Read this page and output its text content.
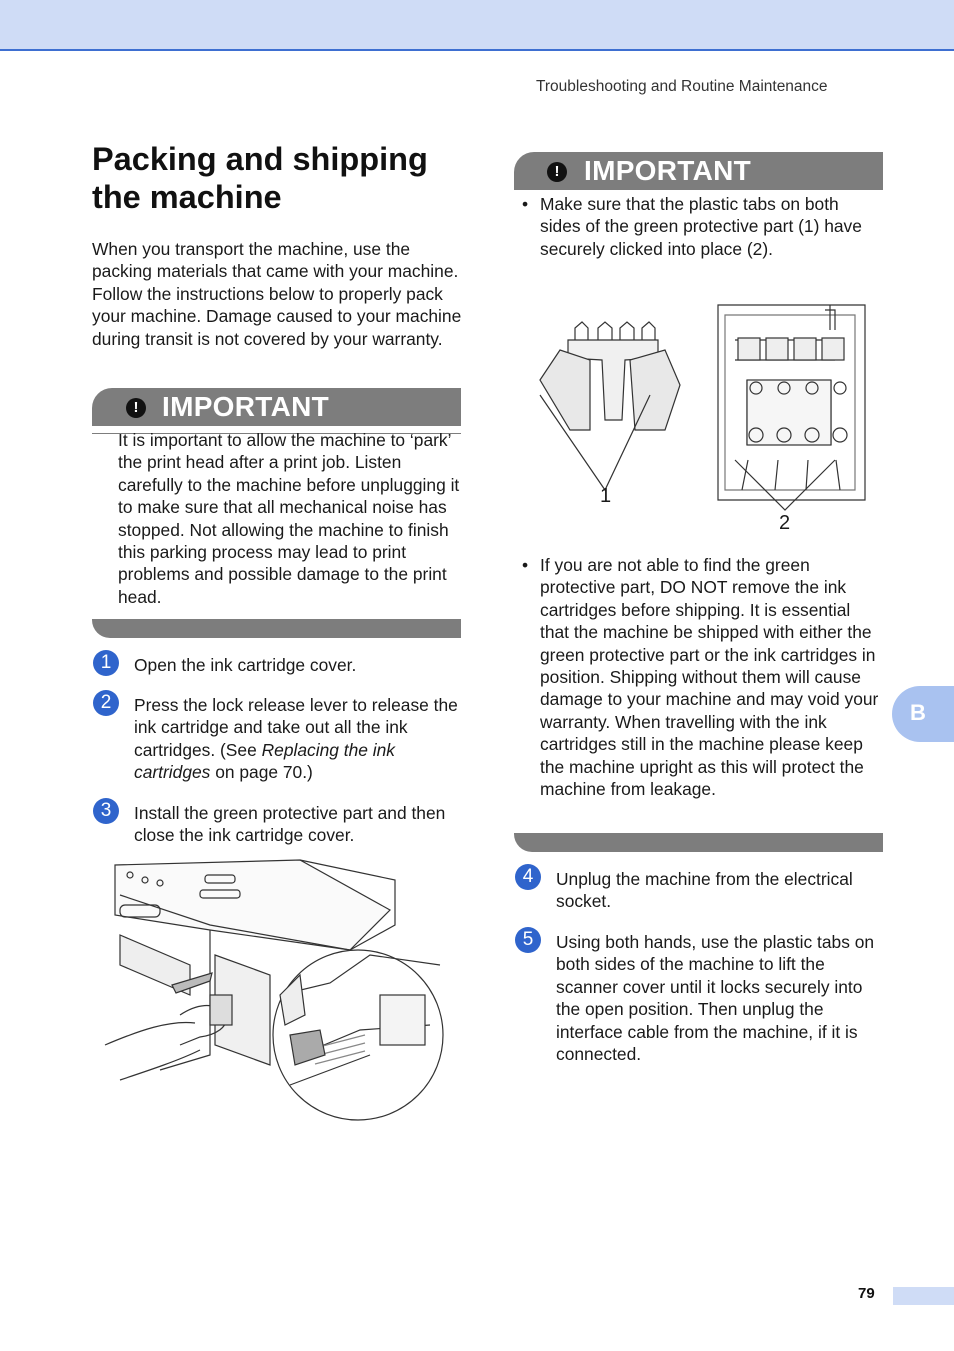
Troubleshooting and Routine Maintenance
Packing and shipping the machine

When you transport the machine, use the packing materials that came with your machine. Follow the instructions below to properly pack your machine. Damage caused to your machine during transit is not covered by your warranty.

! IMPORTANT

It is important to allow the machine to ‘park’ the print head after a print job. Listen carefully to the machine before unplugging it to make sure that all mechanical noise has stopped. Not allowing the machine to finish this parking process may lead to print problems and possible damage to the print head.

1	Open the ink cartridge cover.

2	Press the lock release lever to release the ink cartridge and take out all the ink cartridges. (See Replacing the ink cartridges on page 70.)

3	Install the green protective part and then close the ink cartridge cover.

! IMPORTANT

• Make sure that the plastic tabs on both sides of the green protective part (1) have securely clicked into place (2).

1
2

• If you are not able to find the green protective part, DO NOT remove the ink cartridges before shipping. It is essential that the machine be shipped with either the green protective part or the ink cartridges in position. Shipping without them will cause damage to your machine and may void your warranty. When travelling with the ink cartridges still in the machine please keep the machine upright as this will protect the machine from leakage.

4	Unplug the machine from the electrical socket.

5	Using both hands, use the plastic tabs on both sides of the machine to lift the scanner cover until it locks securely into the open position. Then unplug the interface cable from the machine, if it is connected.

B
79
